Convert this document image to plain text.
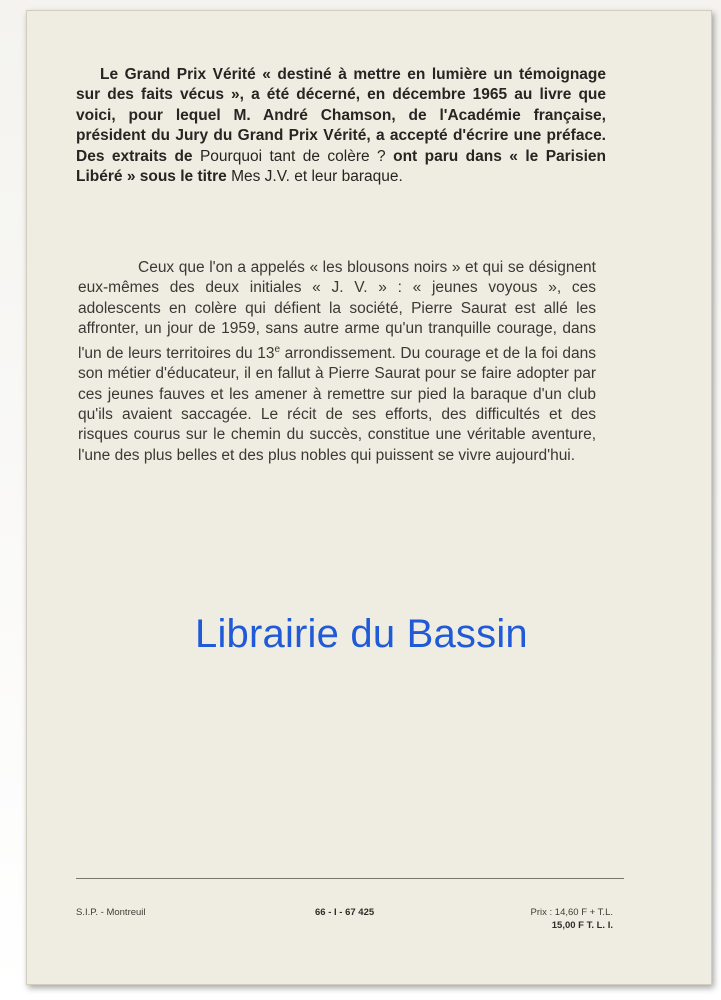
Le Grand Prix Vérité « destiné à mettre en lumière un témoignage sur des faits vécus », a été décerné, en décembre 1965 au livre que voici, pour lequel M. André Chamson, de l'Académie française, président du Jury du Grand Prix Vérité, a accepté d'écrire une préface. Des extraits de Pourquoi tant de colère ? ont paru dans « le Parisien Libéré » sous le titre Mes J.V. et leur baraque.

Ceux que l'on a appelés « les blousons noirs » et qui se désignent eux-mêmes des deux initiales « J. V. » : « jeunes voyous », ces adolescents en colère qui défient la société, Pierre Saurat est allé les affronter, un jour de 1959, sans autre arme qu'un tranquille courage, dans l'un de leurs territoires du 13e arrondissement. Du courage et de la foi dans son métier d'éducateur, il en fallut à Pierre Saurat pour se faire adopter par ces jeunes fauves et les amener à remettre sur pied la baraque d'un club qu'ils avaient saccagée. Le récit de ses efforts, des difficultés et des risques courus sur le chemin du succès, constitue une véritable aventure, l'une des plus belles et des plus nobles qui puissent se vivre aujourd'hui.

Librairie du Bassin
S.I.P. - Montreuil	66 - I - 67 425	Prix : 14,60 F + T.L.
15,00 F T. L. I.
